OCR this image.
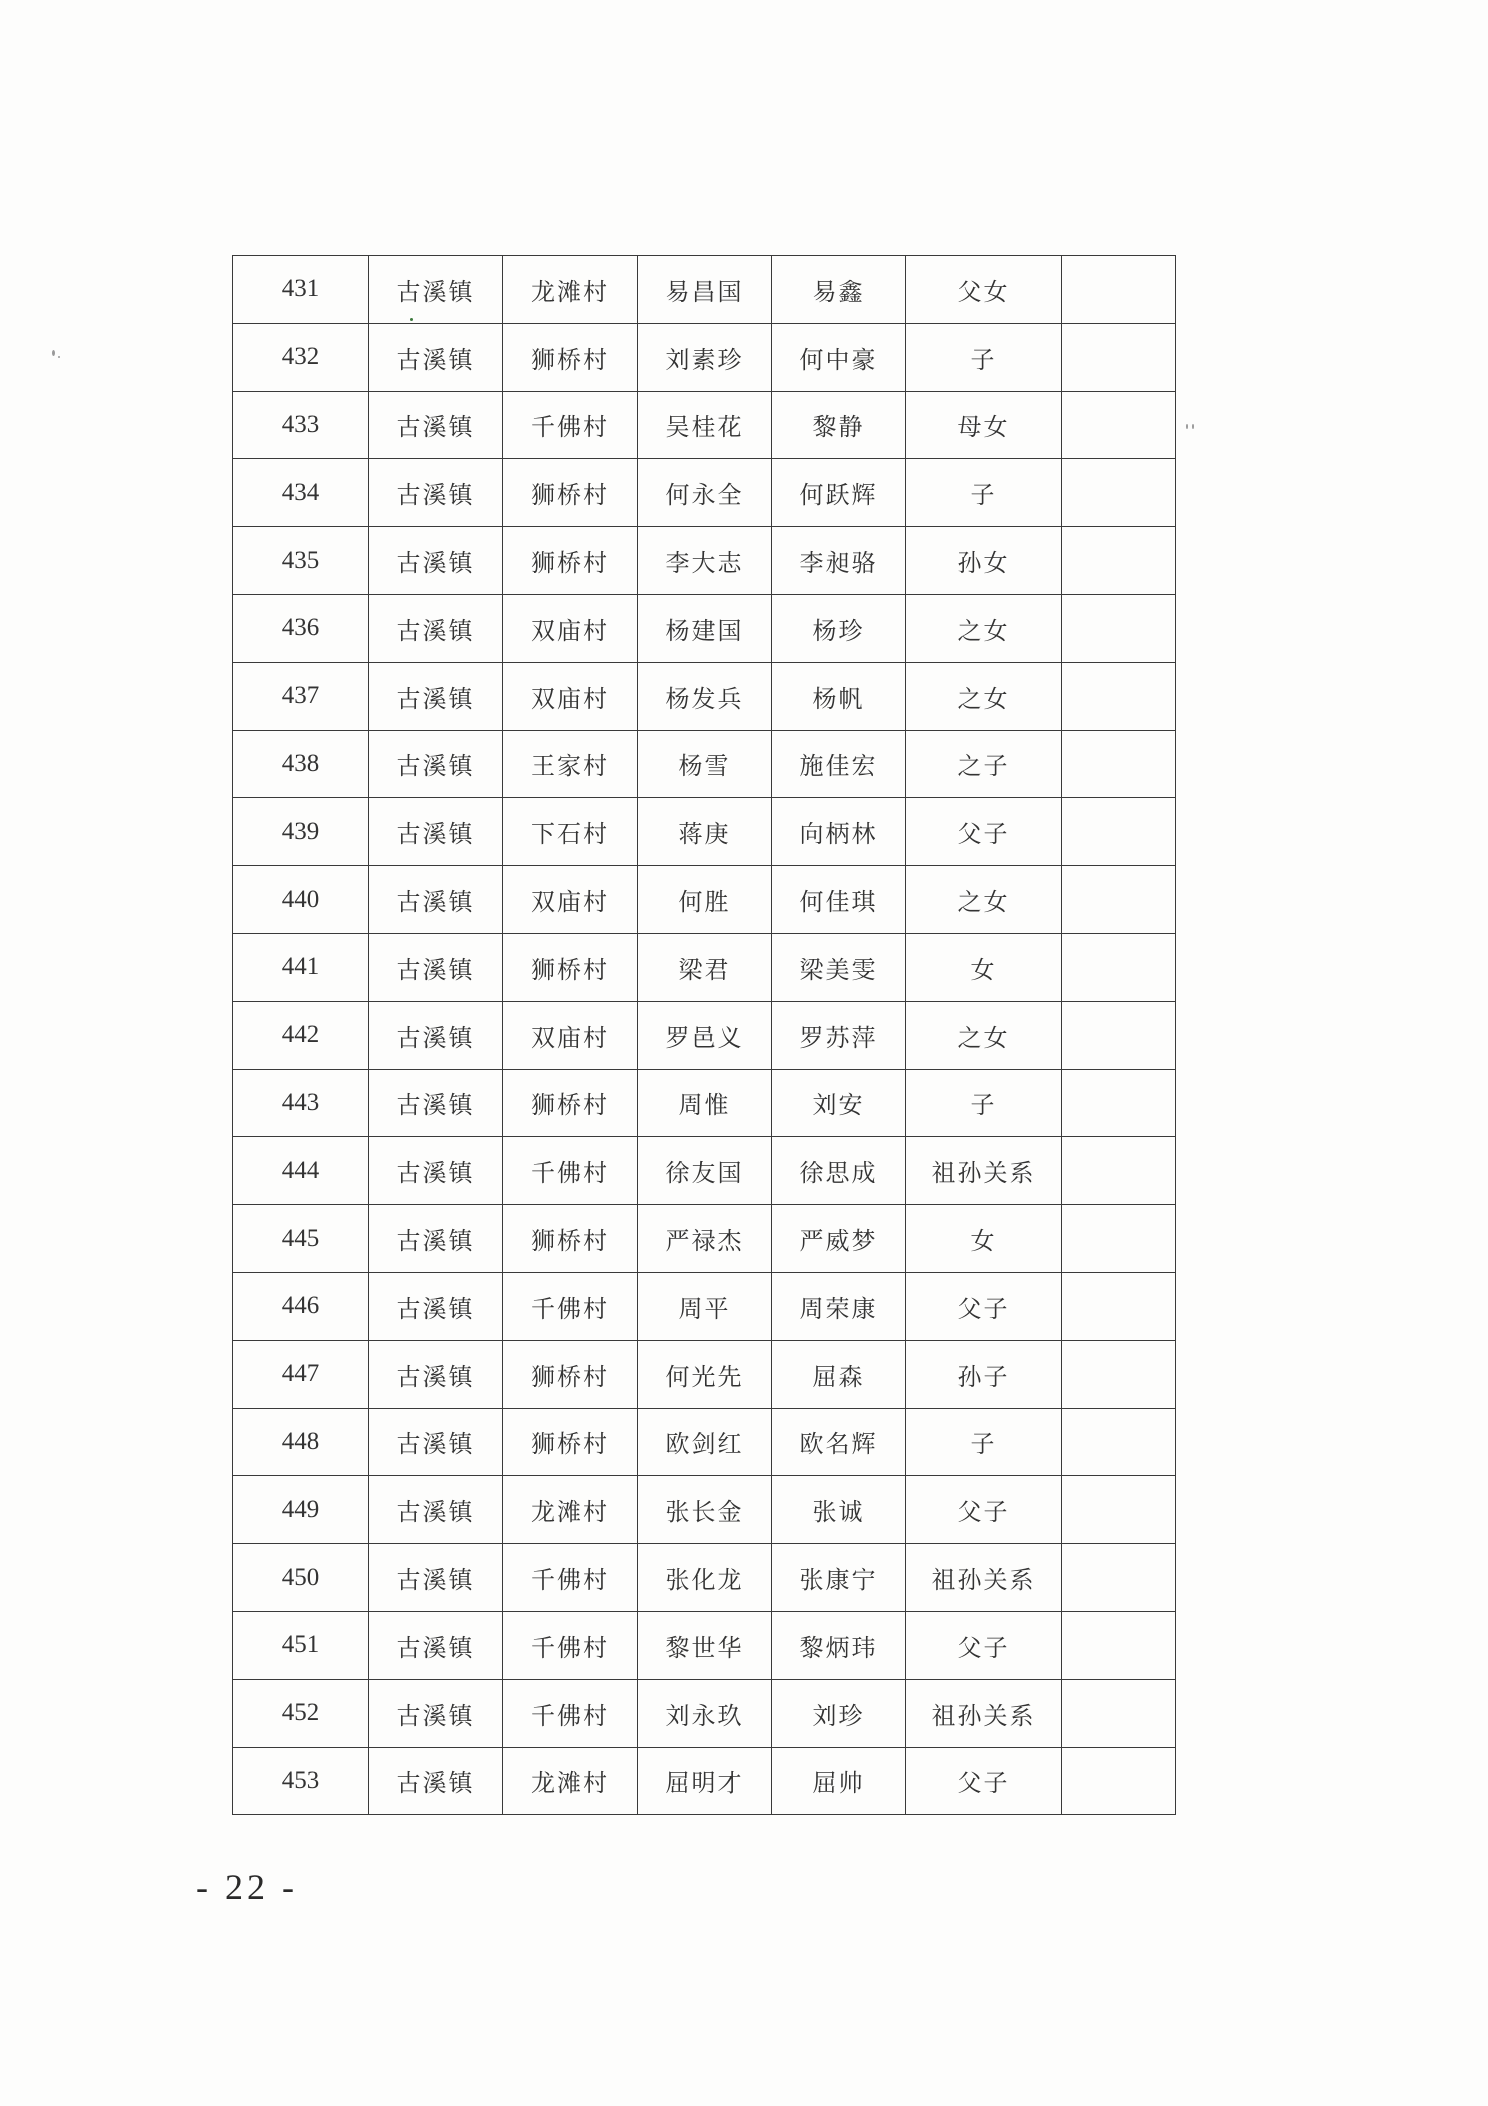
431	古溪镇	龙滩村	易昌国	易鑫	父女	
432	古溪镇	狮桥村	刘素珍	何中豪	子	
433	古溪镇	千佛村	吴桂花	黎静	母女	
434	古溪镇	狮桥村	何永全	何跃辉	子	
435	古溪镇	狮桥村	李大志	李昶骆	孙女	
436	古溪镇	双庙村	杨建国	杨珍	之女	
437	古溪镇	双庙村	杨发兵	杨帆	之女	
438	古溪镇	王家村	杨雪	施佳宏	之子	
439	古溪镇	下石村	蒋庚	向柄林	父子	
440	古溪镇	双庙村	何胜	何佳琪	之女	
441	古溪镇	狮桥村	梁君	梁美雯	女	
442	古溪镇	双庙村	罗邑义	罗苏萍	之女	
443	古溪镇	狮桥村	周惟	刘安	子	
444	古溪镇	千佛村	徐友国	徐思成	祖孙关系	
445	古溪镇	狮桥村	严禄杰	严威梦	女	
446	古溪镇	千佛村	周平	周荣康	父子	
447	古溪镇	狮桥村	何光先	屈森	孙子	
448	古溪镇	狮桥村	欧剑红	欧名辉	子	
449	古溪镇	龙滩村	张长金	张诚	父子	
450	古溪镇	千佛村	张化龙	张康宁	祖孙关系	
451	古溪镇	千佛村	黎世华	黎炳玮	父子	
452	古溪镇	千佛村	刘永玖	刘珍	祖孙关系	
453	古溪镇	龙滩村	屈明才	屈帅	父子	
- 22 -
